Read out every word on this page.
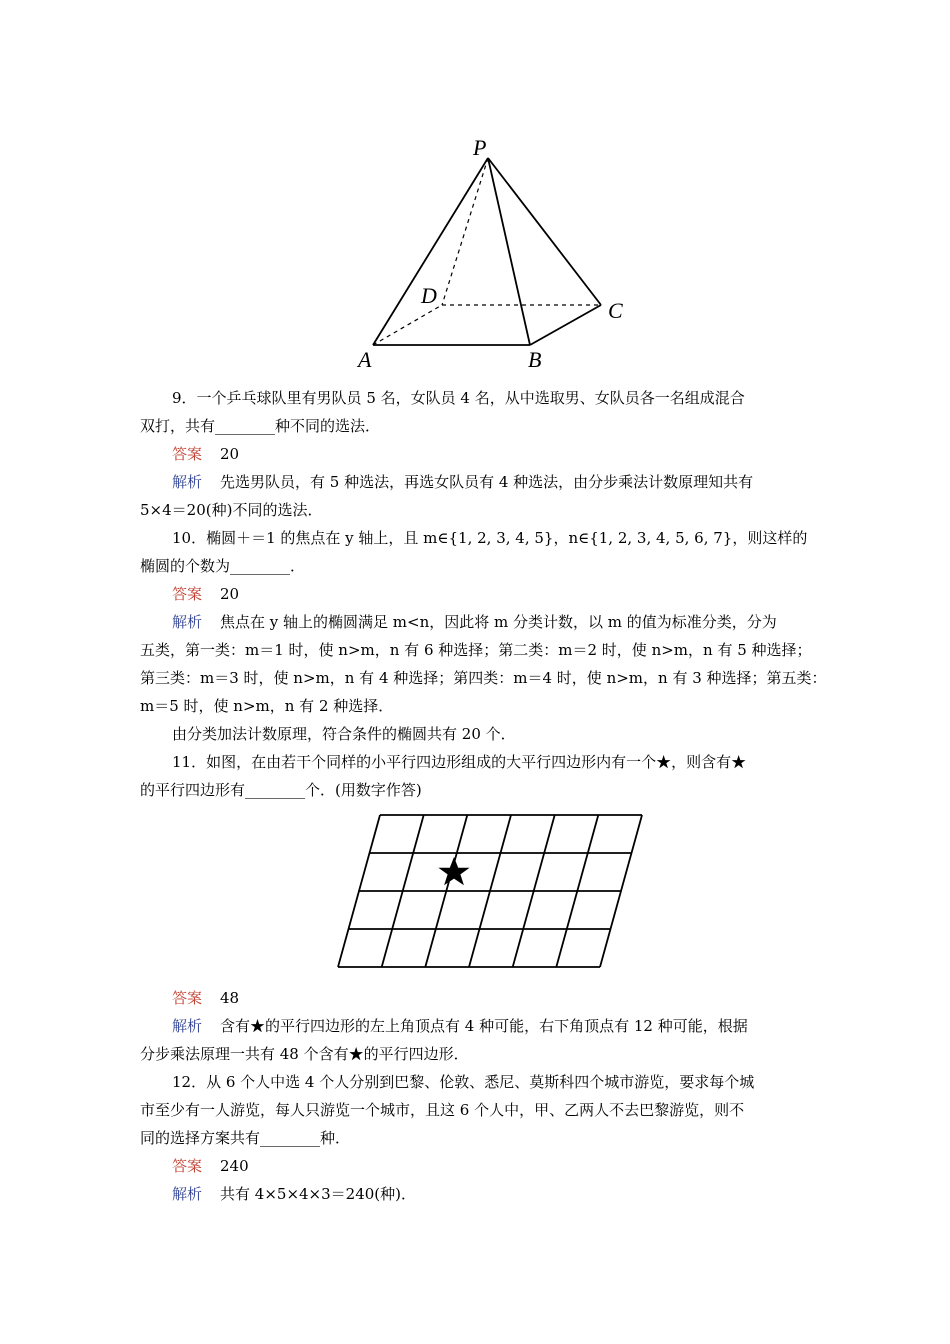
P
D
C
A	B
9．一个乒乓球队里有男队员 5 名，女队员 4 名，从中选取男、女队员各一名组成混合
双打，共有________种不同的选法．
答案 20
解析 先选男队员，有 5 种选法，再选女队员有 4 种选法，由分步乘法计数原理知共有
5×4＝20(种)不同的选法．
10．椭圆＋＝1 的焦点在 y 轴上，且 m∈{1, 2, 3, 4, 5}，n∈{1, 2, 3, 4, 5, 6, 7}，则这样的
椭圆的个数为________．
答案 20
解析 焦点在 y 轴上的椭圆满足 m<n，因此将 m 分类计数，以 m 的值为标准分类，分为
五类，第一类：m＝1 时，使 n>m，n 有 6 种选择；第二类：m＝2 时，使 n>m，n 有 5 种选择；
第三类：m＝3 时，使 n>m，n 有 4 种选择；第四类：m＝4 时，使 n>m，n 有 3 种选择；第五类：
m＝5 时，使 n>m，n 有 2 种选择．
由分类加法计数原理，符合条件的椭圆共有 20 个．
11．如图，在由若干个同样的小平行四边形组成的大平行四边形内有一个★，则含有★
的平行四边形有________个．(用数字作答)
答案 48
解析 含有★的平行四边形的左上角顶点有 4 种可能，右下角顶点有 12 种可能，根据
分步乘法原理一共有 48 个含有★的平行四边形．
12．从 6 个人中选 4 个人分别到巴黎、伦敦、悉尼、莫斯科四个城市游览，要求每个城
市至少有一人游览，每人只游览一个城市，且这 6 个人中，甲、乙两人不去巴黎游览，则不
同的选择方案共有________种．
答案 240
解析 共有 4×5×4×3＝240(种)．
